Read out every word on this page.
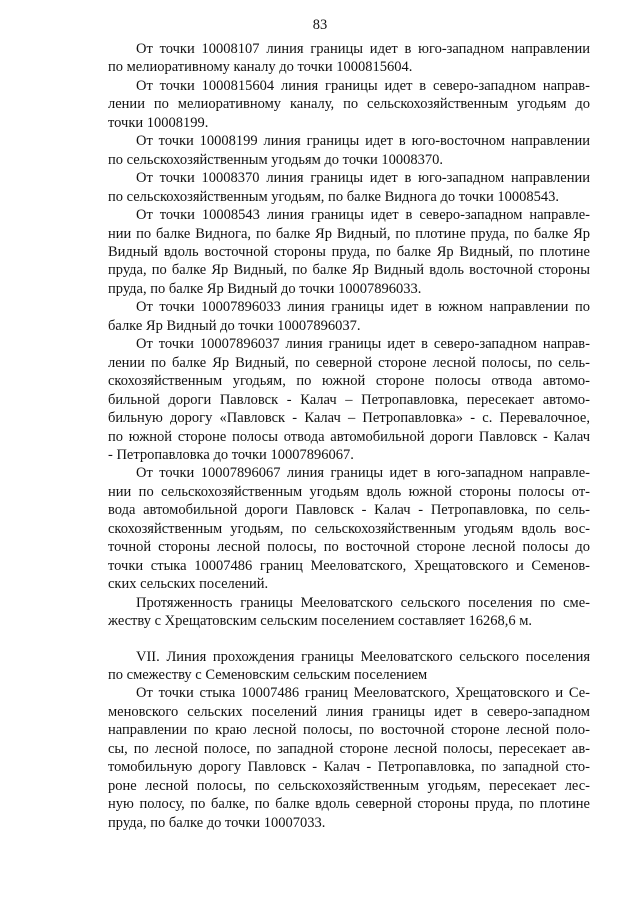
83

От точки 10008107 линия границы идет в юго-западном направлении
по мелиоративному каналу до точки 1000815604.

От точки 1000815604 линия границы идет в северо-западном направ-
лении по мелиоративному каналу, по сельскохозяйственным угодьям до
точки 10008199.

От точки 10008199 линия границы идет в юго-восточном направлении
по сельскохозяйственным угодьям до точки 10008370.

От точки 10008370 линия границы идет в юго-западном направлении
по сельскохозяйственным угодьям, по балке Виднога до точки 10008543.

От точки 10008543 линия границы идет в северо-западном направле-
нии по балке Виднога, по балке Яр Видный, по плотине пруда, по балке Яр
Видный вдоль восточной стороны пруда, по балке Яр Видный, по плотине
пруда, по балке Яр Видный, по балке Яр Видный вдоль восточной стороны
пруда, по балке Яр Видный до точки 10007896033.

От точки 10007896033 линия границы идет в южном направлении по
балке Яр Видный до точки 10007896037.

От точки 10007896037 линия границы идет в северо-западном направ-
лении по балке Яр Видный, по северной стороне лесной полосы, по сель-
скохозяйственным угодьям, по южной стороне полосы отвода автомо-
бильной дороги Павловск - Калач – Петропавловка, пересекает автомо-
бильную дорогу «Павловск - Калач – Петропавловка» - с. Перевалочное,
по южной стороне полосы отвода автомобильной дороги Павловск - Калач
- Петропавловка до точки 10007896067.

От точки 10007896067 линия границы идет в юго-западном направле-
нии по сельскохозяйственным угодьям вдоль южной стороны полосы от-
вода автомобильной дороги Павловск - Калач - Петропавловка, по сель-
скохозяйственным угодьям, по сельскохозяйственным угодьям вдоль вос-
точной стороны лесной полосы, по восточной стороне лесной полосы до
точки стыка 10007486 границ Мееловатского, Хрещатовского и Семенов-
ских сельских поселений.

Протяженность границы Мееловатского сельского поселения по сме-
жеству с Хрещатовским сельским поселением составляет 16268,6 м.

VII. Линия прохождения границы Мееловатского сельского поселения
по смежеству с Семеновским сельским поселением

От точки стыка 10007486 границ Мееловатского, Хрещатовского и Се-
меновского сельских поселений линия границы идет в северо-западном
направлении по краю лесной полосы, по восточной стороне лесной поло-
сы, по лесной полосе, по западной стороне лесной полосы, пересекает ав-
томобильную дорогу Павловск - Калач - Петропавловка, по западной сто-
роне лесной полосы, по сельскохозяйственным угодьям, пересекает лес-
ную полосу, по балке, по балке вдоль северной стороны пруда, по плотине
пруда, по балке до точки 10007033.
